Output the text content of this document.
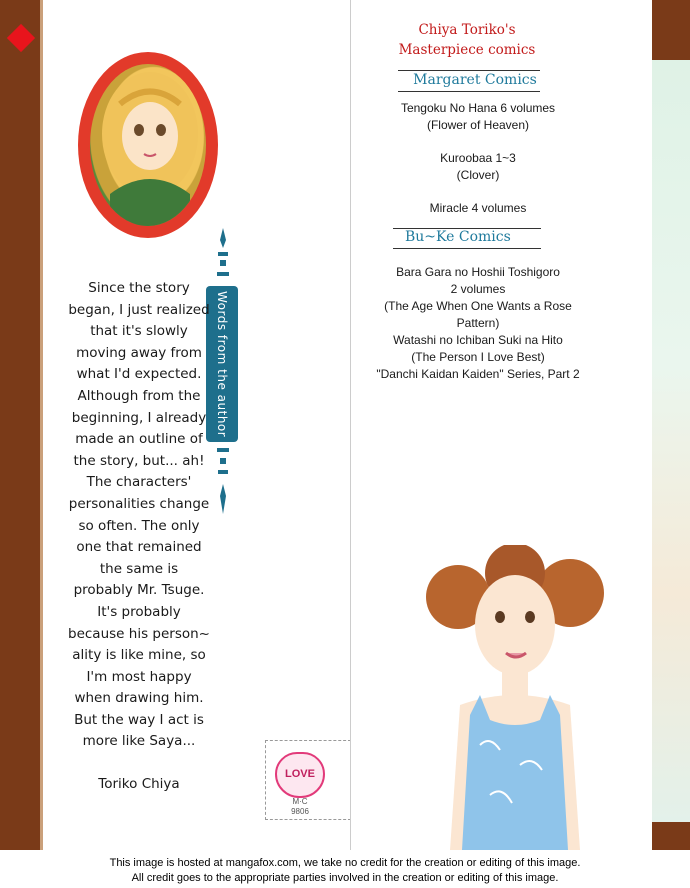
Words from the author
Since the story
began, I just realized
that it's slowly
moving away from
what I'd expected.
Although from the
beginning, I already
made an outline of
the story, but... ah!
The characters'
personalities change
so often. The only
one that remained
the same is
probably Mr. Tsuge.
It's probably
because his person~
ality is like mine, so
I'm most happy
when drawing him.
But the way I act is
more like Saya...
Toriko Chiya
LOVE
M·C
9806
Chiya Toriko's
Masterpiece comics
Margaret Comics
Tengoku No Hana 6 volumes
(Flower of Heaven)
Kuroobaa 1~3
(Clover)
Miracle 4 volumes
Bu~Ke Comics
Bara Gara no Hoshii Toshigoro
2 volumes
(The Age When One Wants a Rose
Pattern)
Watashi no Ichiban Suki na Hito
(The Person I Love Best)
"Danchi Kaidan Kaiden" Series, Part 2
This image is hosted at mangafox.com, we take no credit for the creation or editing of this image.
All credit goes to the appropriate parties involved in the creation or editing of this image.
